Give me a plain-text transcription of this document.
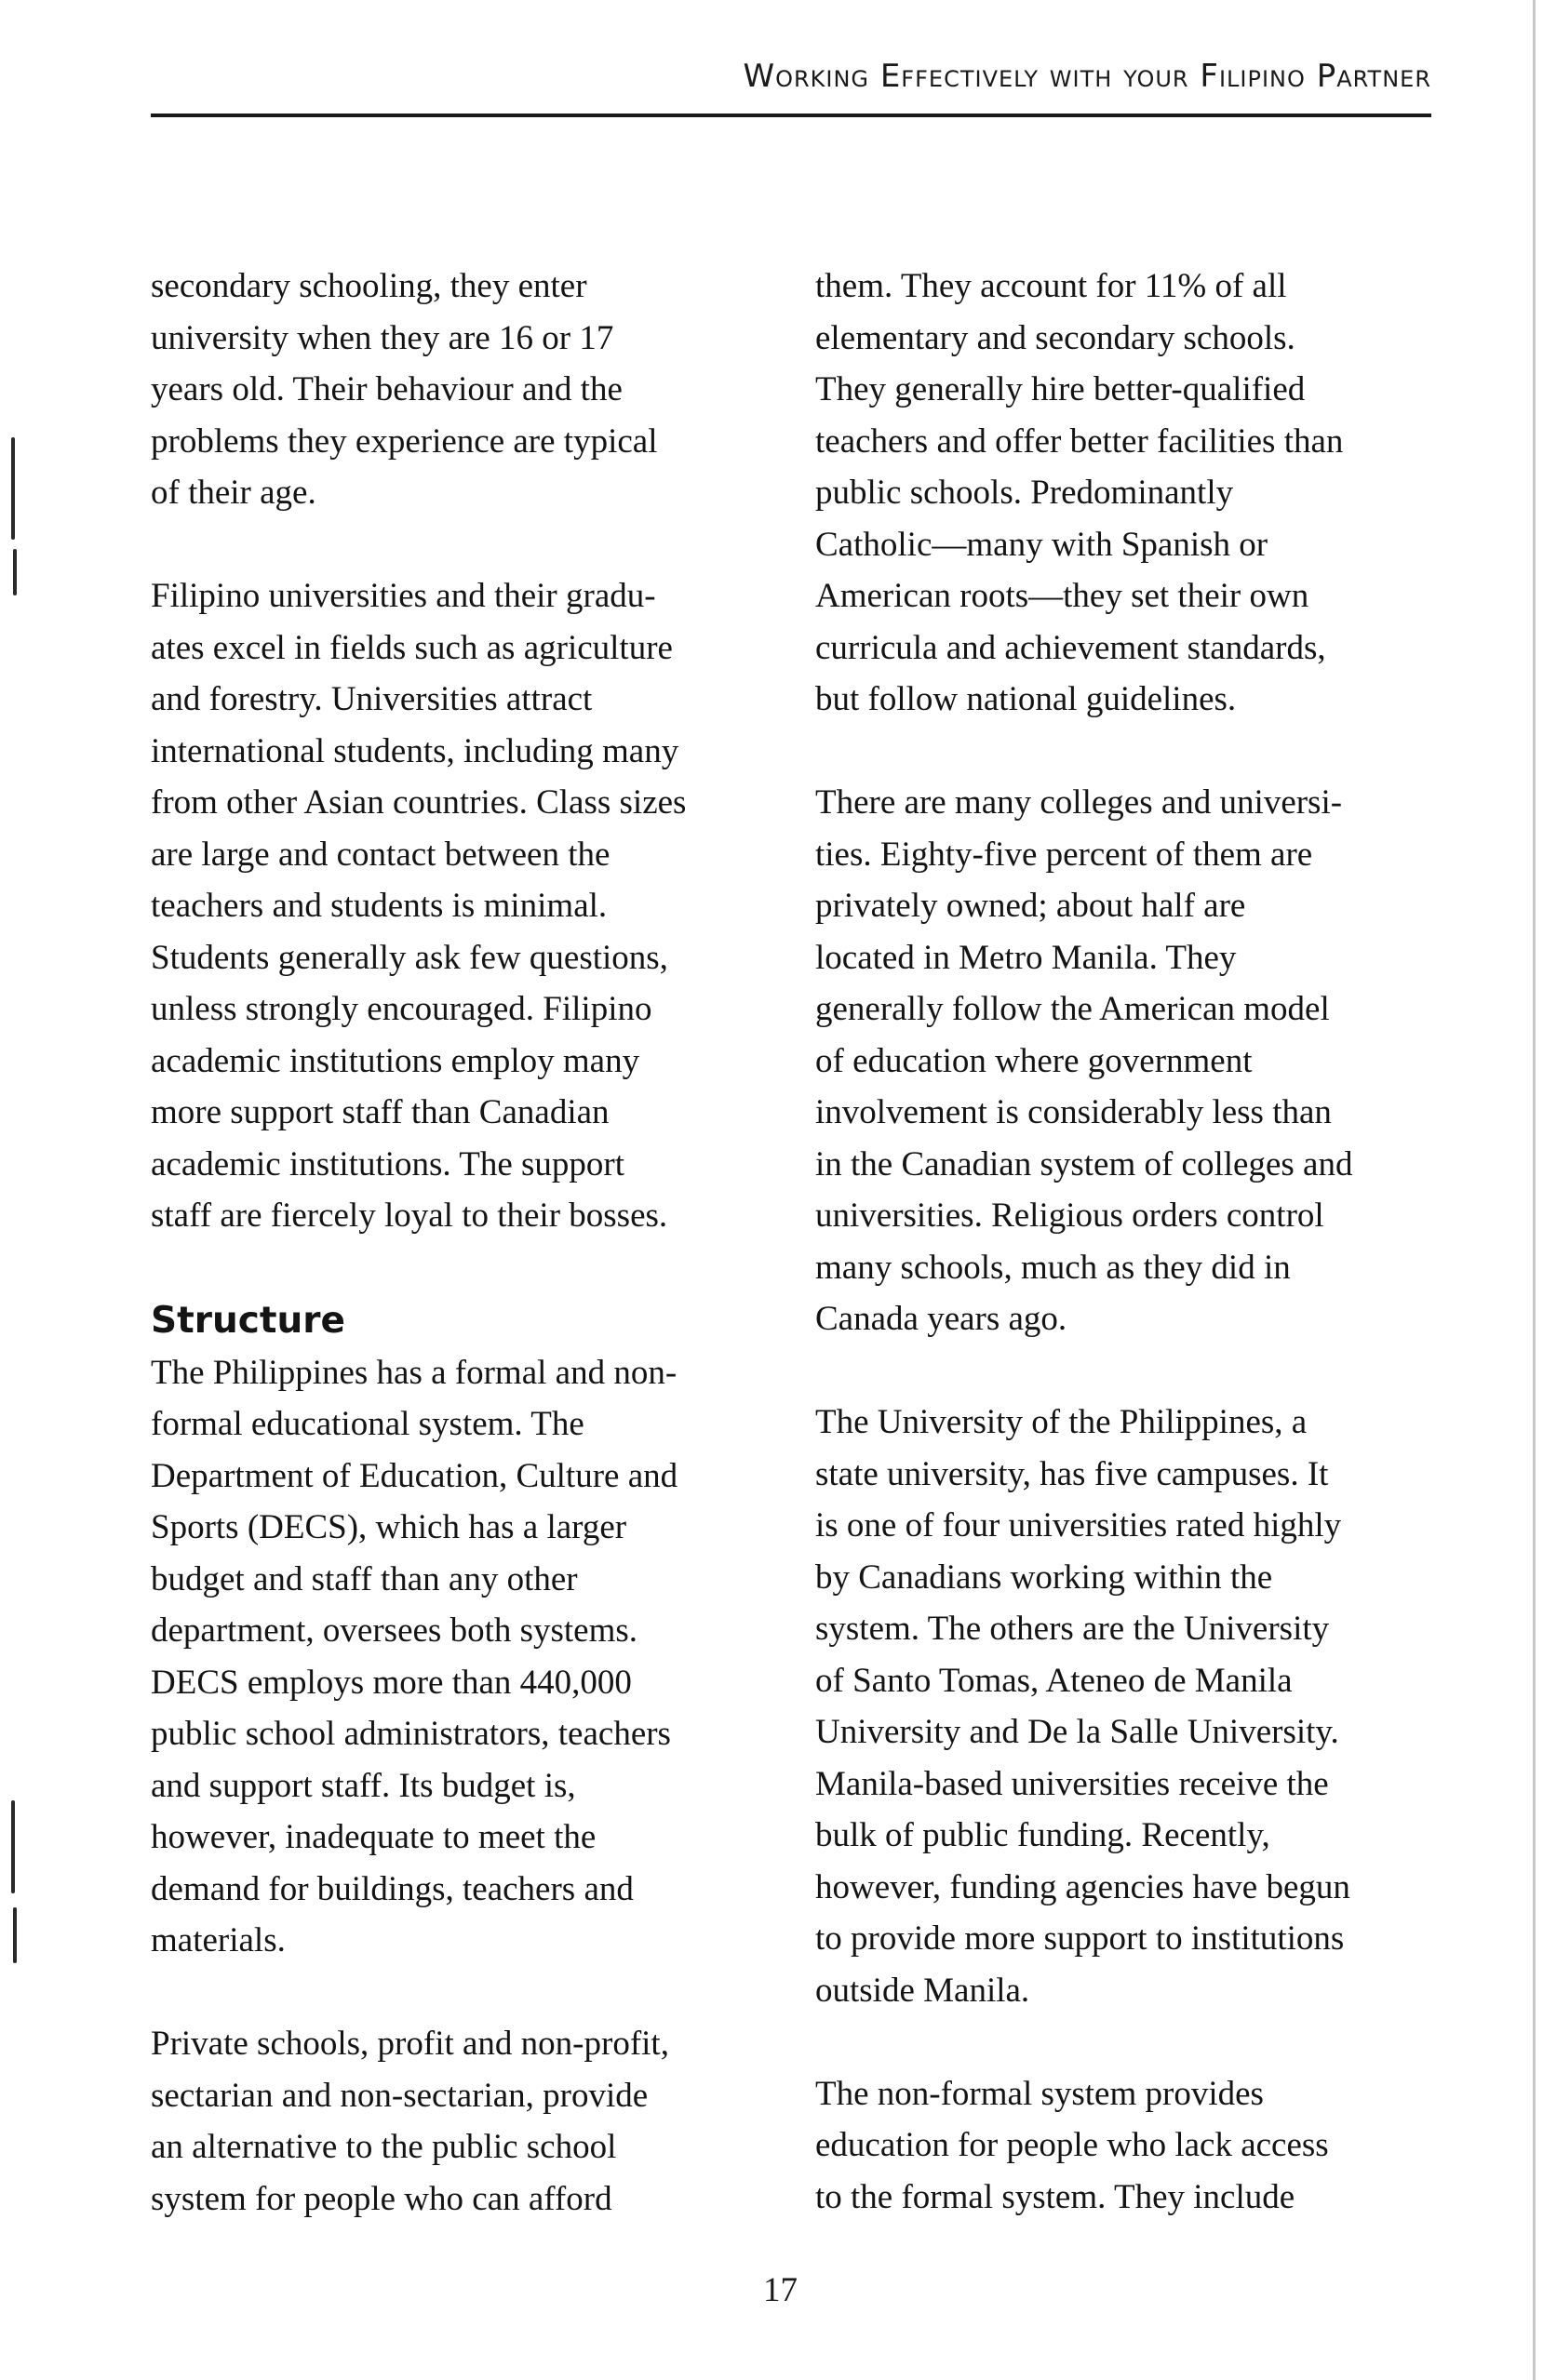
Working Effectively with your Filipino Partner
secondary schooling, they enter
university when they are 16 or 17
years old. Their behaviour and the
problems they experience are typical
of their age.
Filipino universities and their gradu-
ates excel in fields such as agriculture
and forestry. Universities attract
international students, including many
from other Asian countries. Class sizes
are large and contact between the
teachers and students is minimal.
Students generally ask few questions,
unless strongly encouraged. Filipino
academic institutions employ many
more support staff than Canadian
academic institutions. The support
staff are fiercely loyal to their bosses.
Structure
The Philippines has a formal and non-
formal educational system. The
Department of Education, Culture and
Sports (DECS), which has a larger
budget and staff than any other
department, oversees both systems.
DECS employs more than 440,000
public school administrators, teachers
and support staff. Its budget is,
however, inadequate to meet the
demand for buildings, teachers and
materials.
Private schools, profit and non-profit,
sectarian and non-sectarian, provide
an alternative to the public school
system for people who can afford
them. They account for 11% of all
elementary and secondary schools.
They generally hire better-qualified
teachers and offer better facilities than
public schools. Predominantly
Catholic—many with Spanish or
American roots—they set their own
curricula and achievement standards,
but follow national guidelines.
There are many colleges and universi-
ties. Eighty-five percent of them are
privately owned; about half are
located in Metro Manila. They
generally follow the American model
of education where government
involvement is considerably less than
in the Canadian system of colleges and
universities. Religious orders control
many schools, much as they did in
Canada years ago.
The University of the Philippines, a
state university, has five campuses. It
is one of four universities rated highly
by Canadians working within the
system. The others are the University
of Santo Tomas, Ateneo de Manila
University and De la Salle University.
Manila-based universities receive the
bulk of public funding. Recently,
however, funding agencies have begun
to provide more support to institutions
outside Manila.
The non-formal system provides
education for people who lack access
to the formal system. They include
17
